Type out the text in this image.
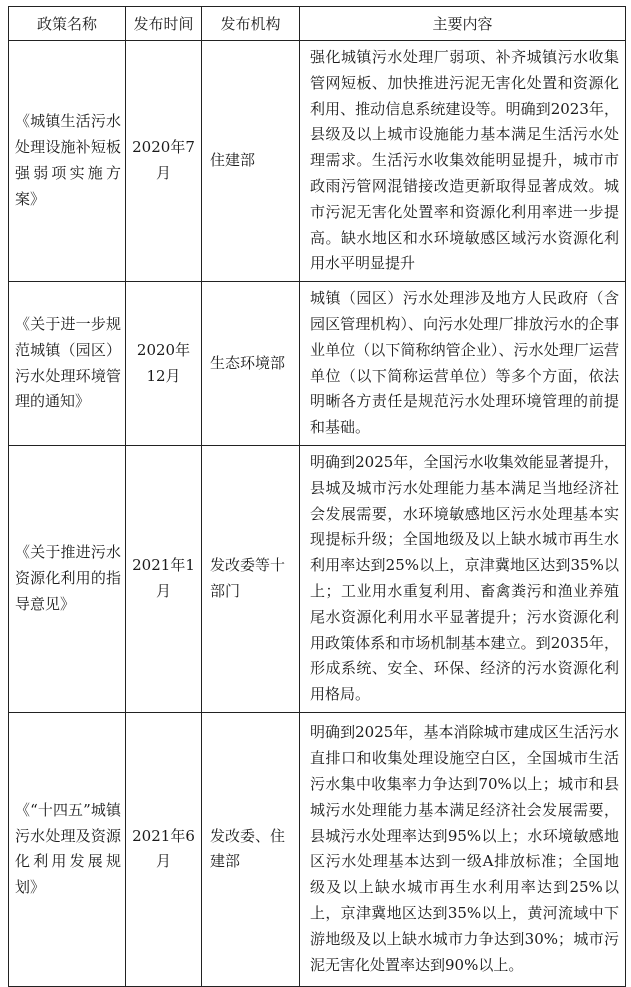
政策名称	发布时间	发布机构	主要内容
《城镇生活污水处理设施补短板强弱项实施方案》	2020年7月	住建部	强化城镇污水处理厂弱项、补齐城镇污水收集管网短板、加快推进污泥无害化处置和资源化利用、推动信息系统建设等。明确到2023年，县级及以上城市设施能力基本满足生活污水处理需求。生活污水收集效能明显提升，城市市政雨污管网混错接改造更新取得显著成效。城市污泥无害化处置率和资源化利用率进一步提高。缺水地区和水环境敏感区域污水资源化利用水平明显提升
《关于进一步规范城镇（园区）污水处理环境管理的通知》	2020年12月	生态环境部	城镇（园区）污水处理涉及地方人民政府（含园区管理机构）、向污水处理厂排放污水的企事业单位（以下简称纳管企业）、污水处理厂运营单位（以下简称运营单位）等多个方面，依法明晰各方责任是规范污水处理环境管理的前提和基础。
《关于推进污水资源化利用的指导意见》	2021年1月	发改委等十部门	明确到2025年，全国污水收集效能显著提升，县城及城市污水处理能力基本满足当地经济社会发展需要，水环境敏感地区污水处理基本实现提标升级；全国地级及以上缺水城市再生水利用率达到25%以上，京津冀地区达到35%以上；工业用水重复利用、畜禽粪污和渔业养殖尾水资源化利用水平显著提升；污水资源化利用政策体系和市场机制基本建立。到2035年，形成系统、安全、环保、经济的污水资源化利用格局。
《“十四五”城镇污水处理及资源化利用发展规划》	2021年6月	发改委、住建部	明确到2025年，基本消除城市建成区生活污水直排口和收集处理设施空白区，全国城市生活污水集中收集率力争达到70%以上；城市和县城污水处理能力基本满足经济社会发展需要，县城污水处理率达到95%以上；水环境敏感地区污水处理基本达到一级A排放标准；全国地级及以上缺水城市再生水利用率达到25%以上，京津冀地区达到35%以上，黄河流域中下游地级及以上缺水城市力争达到30%；城市污泥无害化处置率达到90%以上。
